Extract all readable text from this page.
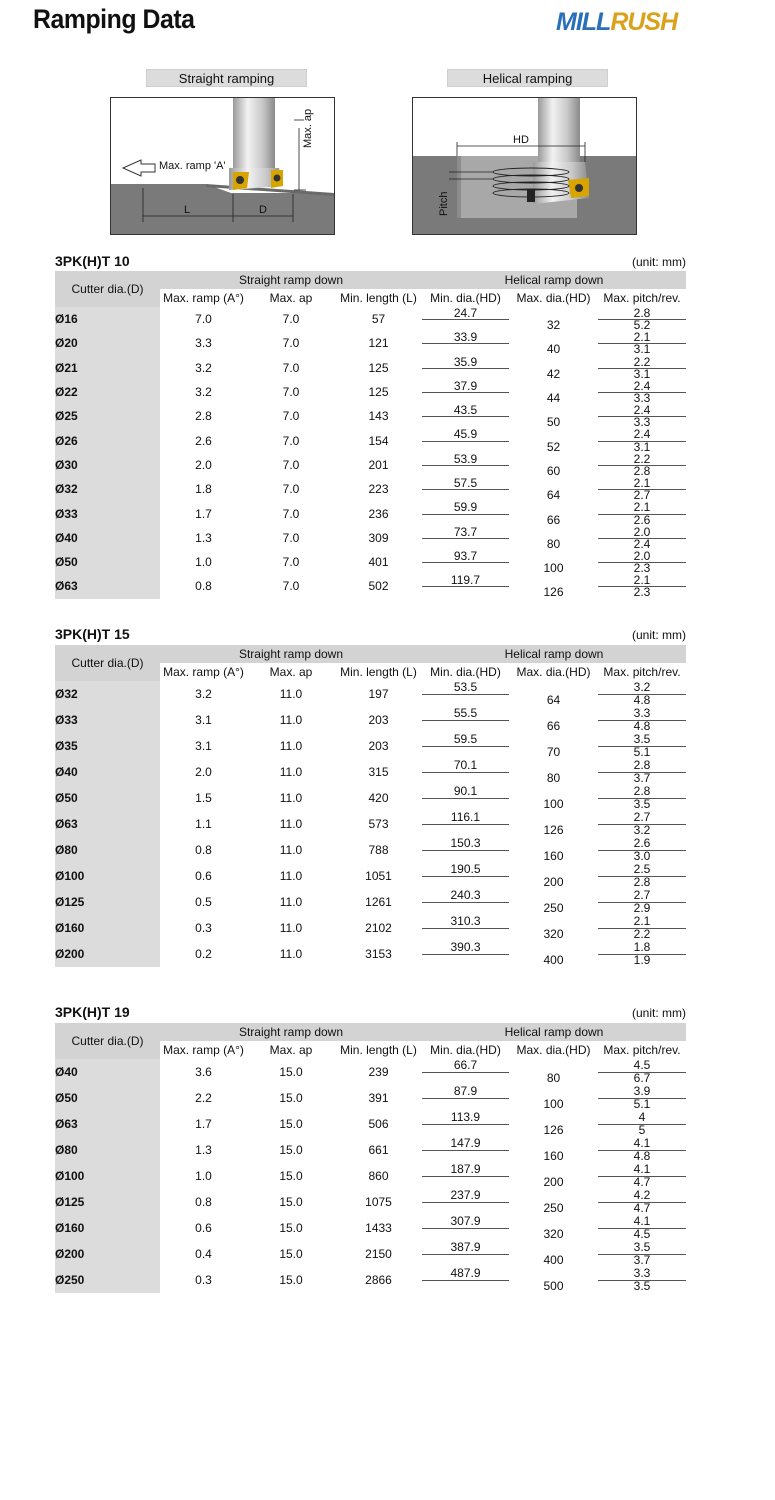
Ramping Data	MILLRUSH
Straight ramping
Max. ap
Max. ramp 'A'
L	D
Helical ramping
HD
Pitch
3PK(H)T 10	(unit: mm)
3PK(H)T 15	(unit: mm)
3PK(H)T 19	(unit: mm)
Cutter dia.(D)	Straight ramp down			Helical ramp down		
	Max. ramp (A°)	Max. ap	Min. length (L)	Min. dia.(HD)	Max. dia.(HD)	Max. pitch/rev.
Ø16	7.0	7.0	57	24.7	32	2.8
5.2

Ø20	3.3	7.0	121	33.9	40	2.1
3.1

Ø21	3.2	7.0	125	35.9	42	2.2
3.1

Ø22	3.2	7.0	125	37.9	44	2.4
3.3

Ø25	2.8	7.0	143	43.5	50	2.4
3.3

Ø26	2.6	7.0	154	45.9	52	2.4
3.1

Ø30	2.0	7.0	201	53.9	60	2.2
2.8

Ø32	1.8	7.0	223	57.5	64	2.1
2.7

Ø33	1.7	7.0	236	59.9	66	2.1
2.6

Ø40	1.3	7.0	309	73.7	80	2.0
2.4

Ø50	1.0	7.0	401	93.7	100	2.0
2.3

Ø63	0.8	7.0	502	119.7	126	2.1
2.3
Cutter dia.(D)	Straight ramp down			Helical ramp down		
	Max. ramp (A°)	Max. ap	Min. length (L)	Min. dia.(HD)	Max. dia.(HD)	Max. pitch/rev.
Ø32	3.2	11.0	197	53.5	64	3.2
4.8

Ø33	3.1	11.0	203	55.5	66	3.3
4.8

Ø35	3.1	11.0	203	59.5	70	3.5
5.1

Ø40	2.0	11.0	315	70.1	80	2.8
3.7

Ø50	1.5	11.0	420	90.1	100	2.8
3.5

Ø63	1.1	11.0	573	116.1	126	2.7
3.2

Ø80	0.8	11.0	788	150.3	160	2.6
3.0

Ø100	0.6	11.0	1051	190.5	200	2.5
2.8

Ø125	0.5	11.0	1261	240.3	250	2.7
2.9

Ø160	0.3	11.0	2102	310.3	320	2.1
2.2

Ø200	0.2	11.0	3153	390.3	400	1.8
1.9
Cutter dia.(D)	Straight ramp down			Helical ramp down		
	Max. ramp (A°)	Max. ap	Min. length (L)	Min. dia.(HD)	Max. dia.(HD)	Max. pitch/rev.
Ø40	3.6	15.0	239	66.7	80	4.5
6.7

Ø50	2.2	15.0	391	87.9	100	3.9
5.1

Ø63	1.7	15.0	506	113.9	126	4
5

Ø80	1.3	15.0	661	147.9	160	4.1
4.8

Ø100	1.0	15.0	860	187.9	200	4.1
4.7

Ø125	0.8	15.0	1075	237.9	250	4.2
4.7

Ø160	0.6	15.0	1433	307.9	320	4.1
4.5

Ø200	0.4	15.0	2150	387.9	400	3.5
3.7

Ø250	0.3	15.0	2866	487.9	500	3.3
3.5
